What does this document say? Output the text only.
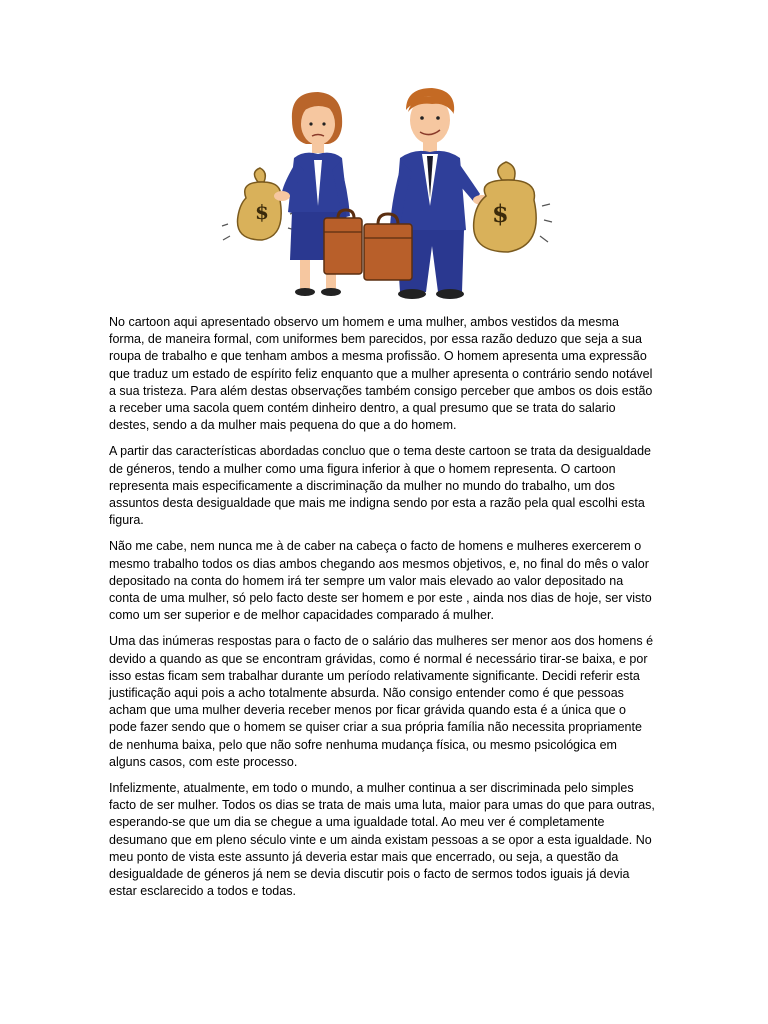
$	$

No cartoon aqui apresentado observo um homem e uma mulher, ambos vestidos da mesma forma, de maneira formal, com uniformes bem parecidos, por essa razão deduzo que seja a sua roupa de trabalho e que tenham ambos a mesma profissão. O homem apresenta uma expressão que traduz um estado de espírito feliz enquanto que a mulher apresenta o contrário sendo notável a sua tristeza. Para além destas observações também consigo perceber que ambos os dois estão a receber uma sacola quem contém dinheiro dentro, a qual presumo que se trata do salario destes, sendo a da mulher mais pequena do que a do homem.

A partir das características abordadas concluo que o tema deste cartoon se trata da desigualdade de géneros, tendo a mulher como uma figura inferior à que o homem representa. O cartoon representa mais especificamente a discriminação da mulher no mundo do trabalho, um dos assuntos desta desigualdade que mais me indigna sendo por esta a razão pela qual escolhi esta figura.

Não me cabe, nem nunca me à de caber na cabeça o facto de homens e mulheres exercerem o mesmo trabalho todos os dias ambos chegando aos mesmos objetivos, e, no final do mês o valor depositado na conta do homem irá ter sempre um valor mais elevado ao valor depositado na conta de uma mulher, só pelo facto deste ser homem e por este , ainda nos dias de hoje, ser visto como um ser superior e de melhor capacidades comparado á mulher.

Uma das inúmeras respostas para o facto de o salário das mulheres ser menor aos dos homens é devido a quando as que se encontram grávidas, como é normal é necessário tirar-se baixa, e por isso estas ficam sem trabalhar durante um período relativamente significante. Decidi referir esta justificação aqui pois a acho totalmente absurda. Não consigo entender como é que pessoas acham que uma mulher deveria receber menos por ficar grávida quando esta é a única que o pode fazer sendo que o homem se quiser criar a sua própria família não necessita propriamente de nenhuma baixa, pelo que não sofre nenhuma mudança física, ou mesmo psicológica em alguns casos, com este processo.

Infelizmente, atualmente, em todo o mundo, a mulher continua a ser discriminada pelo simples facto de ser mulher. Todos os dias se trata de mais uma luta, maior para umas do que para outras, esperando-se que um dia se chegue a uma igualdade total. Ao meu ver é completamente desumano que em pleno século vinte e um ainda existam pessoas a se opor a esta igualdade. No meu ponto de vista este assunto já deveria estar mais que encerrado, ou seja, a questão da desigualdade de géneros já nem se devia discutir pois o facto de sermos todos iguais já devia estar esclarecido a todos e todas.
